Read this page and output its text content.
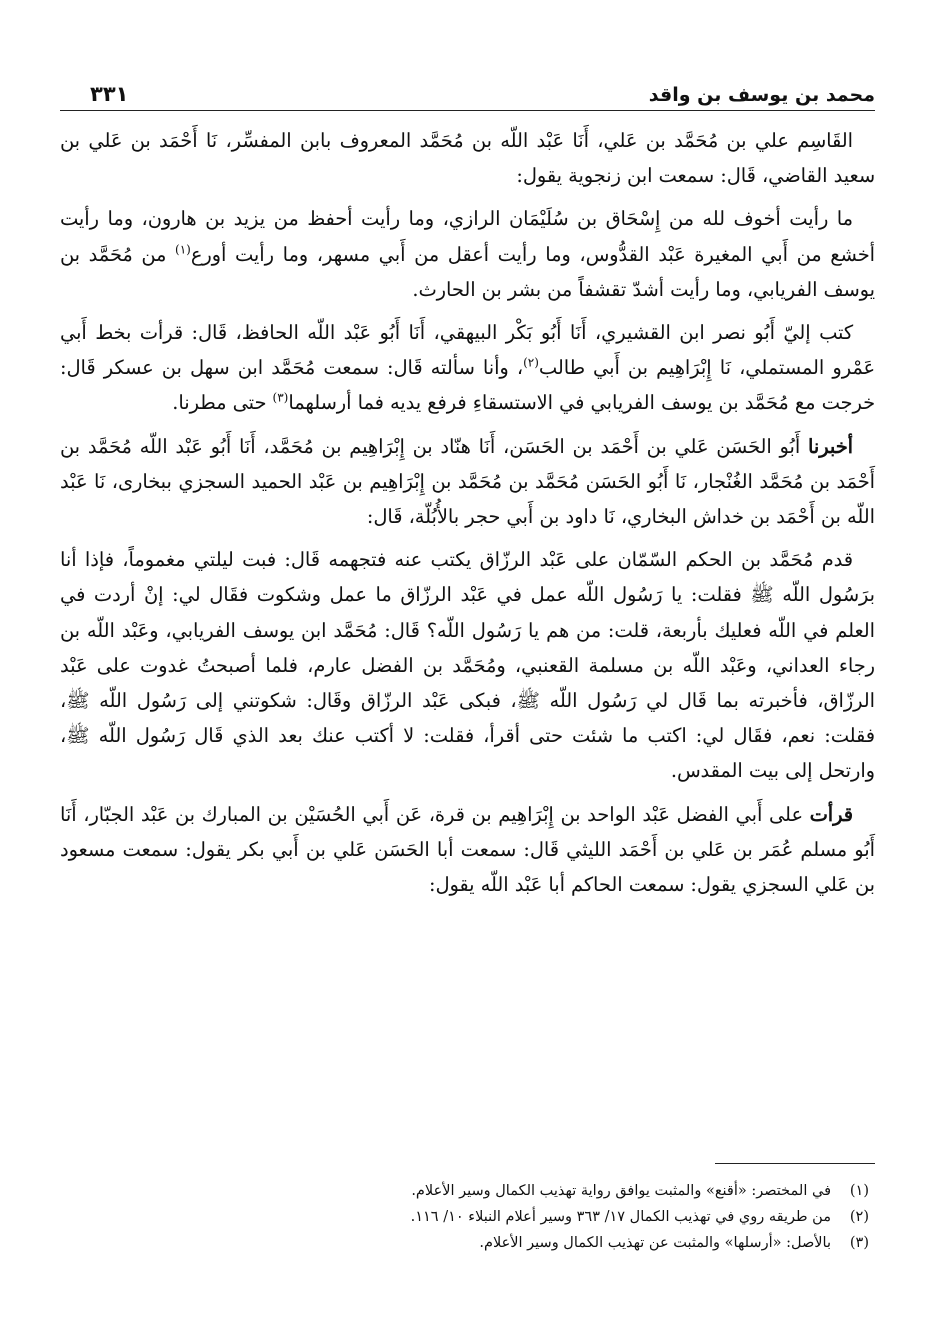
محمد بن يوسف بن واقد
٣٣١

القَاسِم علي بن مُحَمَّد بن عَلي، أَنَا عَبْد اللّه بن مُحَمَّد المعروف بابن المفسِّر، نَا أَحْمَد بن عَلي بن سعيد القاضي، قَال: سمعت ابن زنجوية يقول:

ما رأيت أخوف لله من إِسْحَاق بن سُلَيْمَان الرازي، وما رأيت أحفظ من يزيد بن هارون، وما رأيت أخشع من أَبي المغيرة عَبْد القدُّوس، وما رأيت أعقل من أَبي مسهر، وما رأيت أورع$^{(١)}$ من مُحَمَّد بن يوسف الفريابي، وما رأيت أشدّ تقشفاً من بشر بن الحارث.

كتب إليّ أَبُو نصر ابن القشيري، أَنَا أَبُو بَكْر البيهقي، أَنَا أَبُو عَبْد اللّه الحافظ، قَال: قرأت بخط أَبي عَمْرو المستملي، نَا إِبْرَاهِيم بن أَبي طالب$^{(٢)}$، وأنا سألته قَال: سمعت مُحَمَّد ابن سهل بن عسكر قَال: خرجت مع مُحَمَّد بن يوسف الفريابي في الاستسقاءِ فرفع يديه فما أرسلهما$^{(٣)}$ حتى مطرنا.

أخبرنا أَبُو الحَسَن عَلي بن أَحْمَد بن الحَسَن، أَنَا هنّاد بن إِبْرَاهِيم بن مُحَمَّد، أَنَا أَبُو عَبْد اللّه مُحَمَّد بن أَحْمَد بن مُحَمَّد الغُنْجار، نَا أَبُو الحَسَن مُحَمَّد بن مُحَمَّد بن إِبْرَاهِيم بن عَبْد الحميد السجزي ببخارى، نَا عَبْد اللّه بن أَحْمَد بن خداش البخاري، نَا داود بن أَبي حجر بالأُبُلّة، قَال:

قدم مُحَمَّد بن الحكم السّمّان على عَبْد الرزّاق يكتب عنه فتجهمه قَال: فبت ليلتي مغموماً، فإذا أنا برَسُول اللّه ﷺ فقلت: يا رَسُول اللّه عمل في عَبْد الرزّاق ما عمل وشكوت فقَال لي: إنْ أردت في العلم في اللّه فعليك بأربعة، قلت: من هم يا رَسُول اللّه؟ قَال: مُحَمَّد ابن يوسف الفريابي، وعَبْد اللّه بن رجاء العداني، وعَبْد اللّه بن مسلمة القعنبي، ومُحَمَّد بن الفضل عارم، فلما أصبحتُ غدوت على عَبْد الرزّاق، فأخبرته بما قَال لي رَسُول اللّه ﷺ، فبكى عَبْد الرزّاق وقَال: شكوتني إلى رَسُول اللّه ﷺ، فقلت: نعم، فقَال لي: اكتب ما شئت حتى أقرأ، فقلت: لا أكتب عنك بعد الذي قَال رَسُول اللّه ﷺ، وارتحل إلى بيت المقدس.

قرأت على أَبي الفضل عَبْد الواحد بن إِبْرَاهِيم بن قرة، عَن أَبي الحُسَيْن بن المبارك بن عَبْد الجبّار، أَنَا أَبُو مسلم عُمَر بن عَلي بن أَحْمَد الليثي قَال: سمعت أبا الحَسَن عَلي بن أَبي بكر يقول: سمعت مسعود بن عَلي السجزي يقول: سمعت الحاكم أبا عَبْد اللّه يقول:

(١)في المختصر: «أقنع» والمثبت يوافق رواية تهذيب الكمال وسير الأعلام.
(٢)من طريقه روي في تهذيب الكمال ١٧/ ٣٦٣ وسير أعلام النبلاء ١٠/ ١١٦.
(٣)بالأصل: «أرسلها» والمثبت عن تهذيب الكمال وسير الأعلام.
